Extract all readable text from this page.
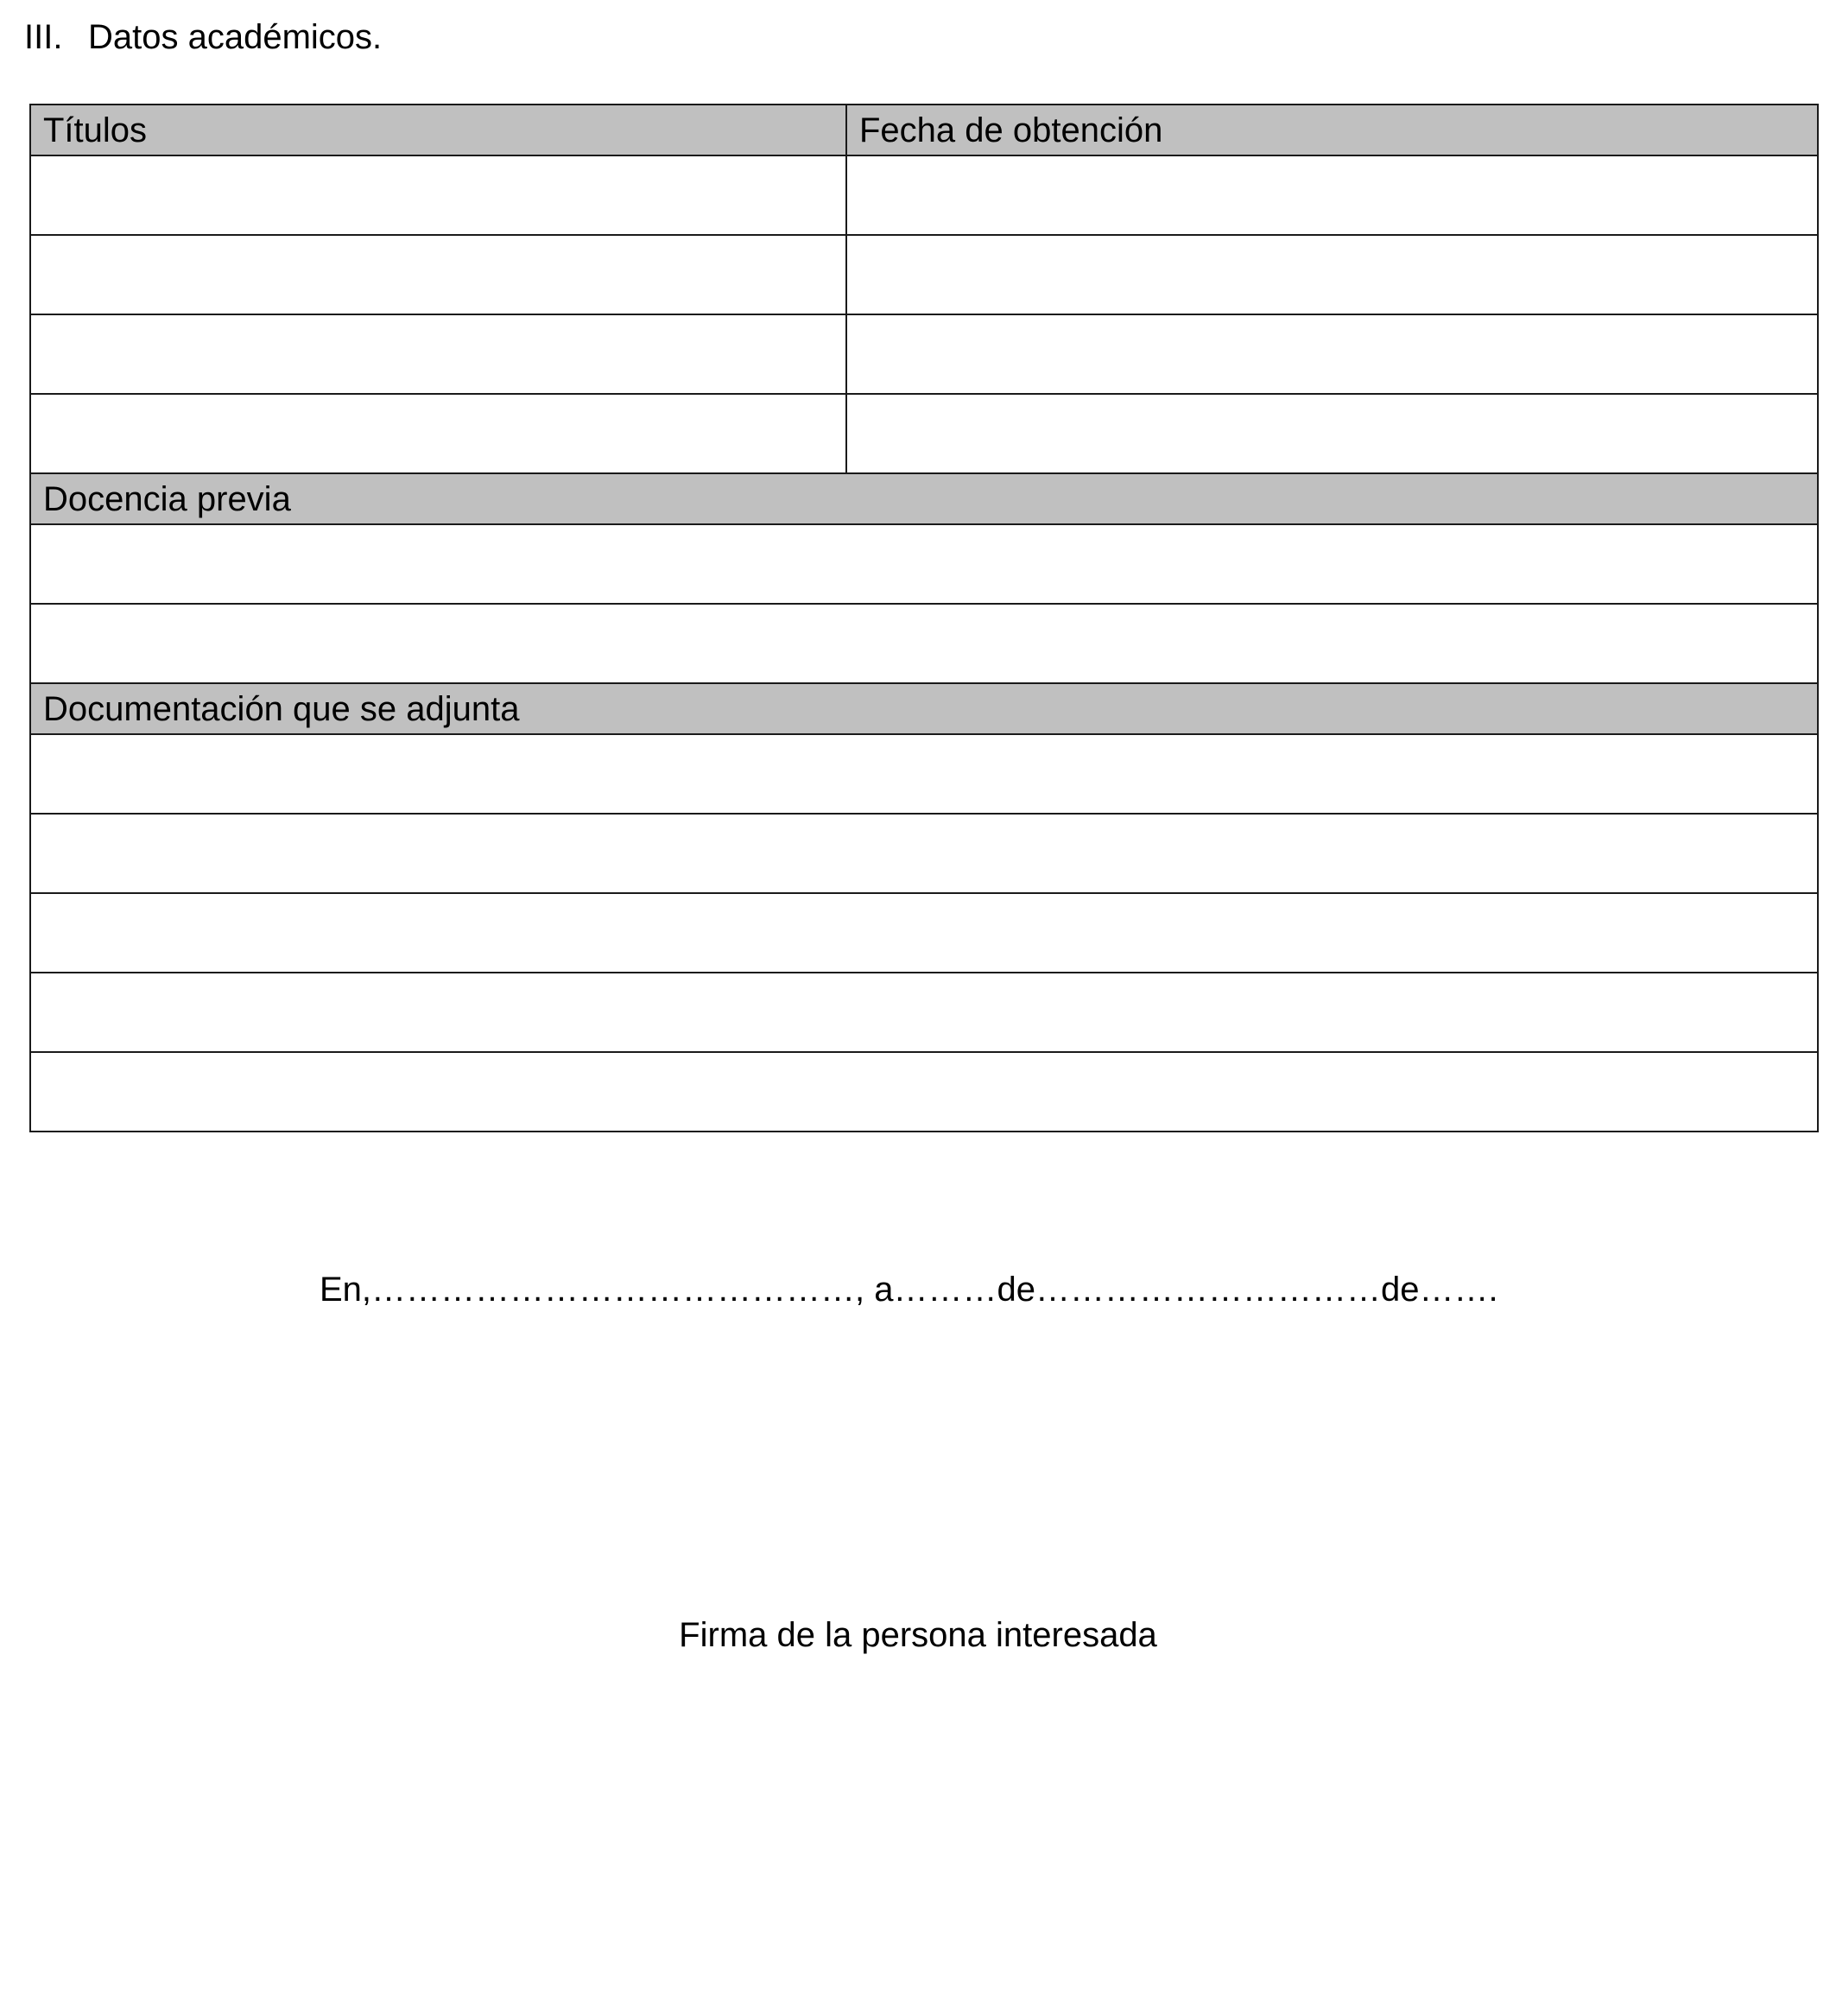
III. Datos académicos.
Títulos	Fecha de obtención

Docencia previa	

Documentación que se adjunta	

En,……………………………………, a………de…………………………de…….
Firma de la persona interesada
